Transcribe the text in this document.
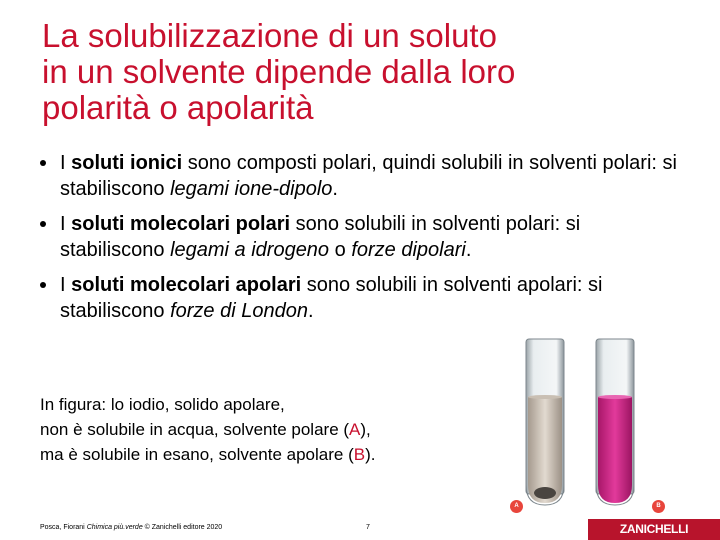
La solubilizzazione di un soluto
in un solvente dipende dalla loro
polarità o apolarità
I soluti ionici sono composti polari, quindi solubili in solventi polari: si stabiliscono legami ione-dipolo.
I soluti molecolari polari sono solubili in solventi polari: si stabiliscono legami a idrogeno o forze dipolari.
I soluti molecolari apolari sono solubili in solventi apolari: si stabiliscono forze di London.
In figura: lo iodio, solido apolare,
non è solubile in acqua, solvente polare (A),
ma è solubile in esano, solvente apolare (B).
A	B
Posca, Fiorani Chimica più.verde © Zanichelli editore 2020	7	ZANICHELLI
